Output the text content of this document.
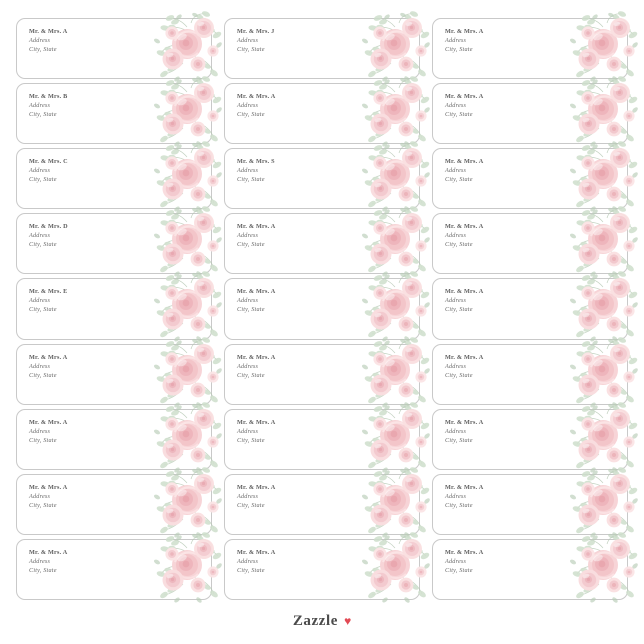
Mr. & Mrs. A
Address
City, State
Mr. & Mrs. J
Address
City, State
Mr. & Mrs. A
Address
City, State
Mr. & Mrs. B
Address
City, State
Mr. & Mrs. A
Address
City, State
Mr. & Mrs. A
Address
City, State
Mr. & Mrs. C
Address
City, State
Mr. & Mrs. S
Address
City, State
Mr. & Mrs. A
Address
City, State
Mr. & Mrs. D
Address
City, State
Mr. & Mrs. A
Address
City, State
Mr. & Mrs. A
Address
City, State
Mr. & Mrs. E
Address
City, State
Mr. & Mrs. A
Address
City, State
Mr. & Mrs. A
Address
City, State
Mr. & Mrs. A
Address
City, State
Mr. & Mrs. A
Address
City, State
Mr. & Mrs. A
Address
City, State
Mr. & Mrs. A
Address
City, State
Mr. & Mrs. A
Address
City, State
Mr. & Mrs. A
Address
City, State
Mr. & Mrs. A
Address
City, State
Mr. & Mrs. A
Address
City, State
Mr. & Mrs. A
Address
City, State
Mr. & Mrs. A
Address
City, State
Mr. & Mrs. A
Address
City, State
Mr. & Mrs. A
Address
City, State
Zazzle ♥
